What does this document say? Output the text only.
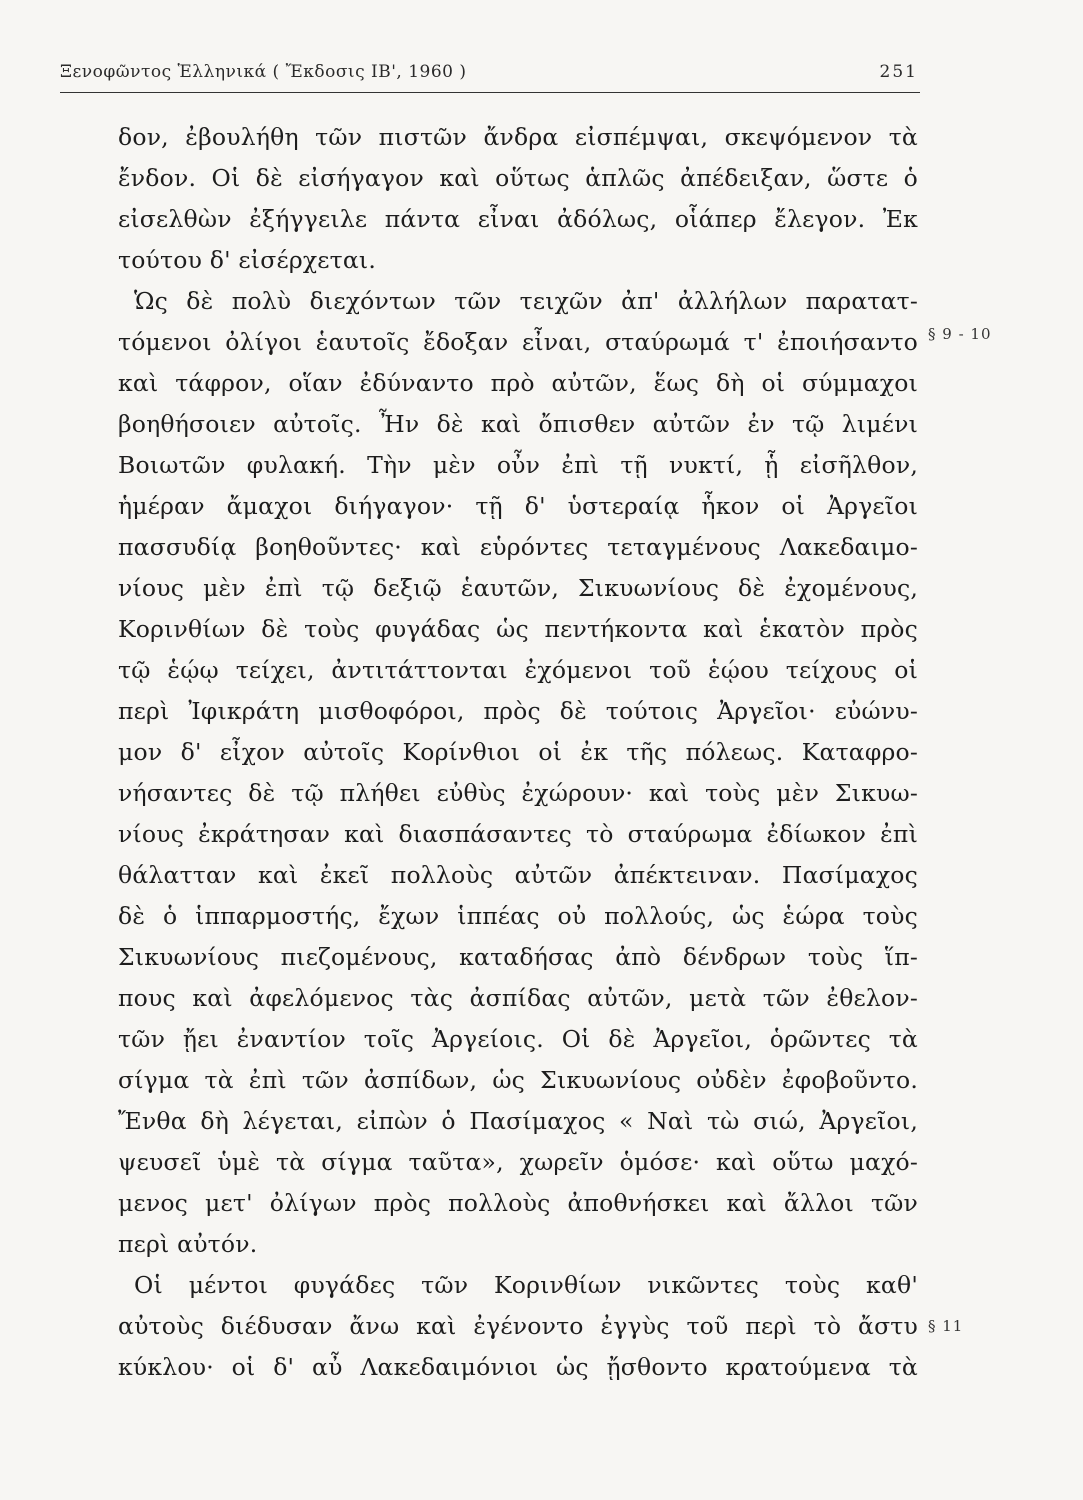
Ξενοφῶντος Ἑλληνικά ( Ἔκδοσις ΙΒ', 1960 )	251
§ 9 - 10
§ 11
δον, ἐβουλήθη τῶν πιστῶν ἄνδρα εἰσπέμψαι, σκεψόμενον τὰ
ἔνδον. Οἱ δὲ εἰσήγαγον καὶ οὕτως ἁπλῶς ἀπέδειξαν, ὥστε ὁ
εἰσελθὼν ἐξήγγειλε πάντα εἶναι ἀδόλως, οἷάπερ ἔλεγον. Ἐκ
τούτου δ' εἰσέρχεται.
Ὡς δὲ πολὺ διεχόντων τῶν τειχῶν ἀπ' ἀλλήλων παρατατ-
τόμενοι ὀλίγοι ἑαυτοῖς ἔδοξαν εἶναι, σταύρωμά τ' ἐποιήσαντο
καὶ τάφρον, οἵαν ἐδύναντο πρὸ αὐτῶν, ἕως δὴ οἱ σύμμαχοι
βοηθήσοιεν αὐτοῖς. Ἦν δὲ καὶ ὄπισθεν αὐτῶν ἐν τῷ λιμένι
Βοιωτῶν φυλακή. Τὴν μὲν οὖν ἐπὶ τῇ νυκτί, ᾗ εἰσῆλθον,
ἡμέραν ἄμαχοι διήγαγον· τῇ δ' ὑστεραίᾳ ἧκον οἱ Ἀργεῖοι
πασσυδίᾳ βοηθοῦντες· καὶ εὑρόντες τεταγμένους Λακεδαιμο-
νίους μὲν ἐπὶ τῷ δεξιῷ ἑαυτῶν, Σικυωνίους δὲ ἐχομένους,
Κορινθίων δὲ τοὺς φυγάδας ὡς πεντήκοντα καὶ ἑκατὸν πρὸς
τῷ ἑῴῳ τείχει, ἀντιτάττονται ἐχόμενοι τοῦ ἑῴου τείχους οἱ
περὶ Ἰφικράτη μισθοφόροι, πρὸς δὲ τούτοις Ἀργεῖοι· εὐώνυ-
μον δ' εἶχον αὐτοῖς Κορίνθιοι οἱ ἐκ τῆς πόλεως. Καταφρο-
νήσαντες δὲ τῷ πλήθει εὐθὺς ἐχώρουν· καὶ τοὺς μὲν Σικυω-
νίους ἐκράτησαν καὶ διασπάσαντες τὸ σταύρωμα ἐδίωκον ἐπὶ
θάλατταν καὶ ἐκεῖ πολλοὺς αὐτῶν ἀπέκτειναν. Πασίμαχος
δὲ ὁ ἱππαρμοστής, ἔχων ἱππέας οὐ πολλούς, ὡς ἑώρα τοὺς
Σικυωνίους πιεζομένους, καταδήσας ἀπὸ δένδρων τοὺς ἵπ-
πους καὶ ἀφελόμενος τὰς ἀσπίδας αὐτῶν, μετὰ τῶν ἐθελον-
τῶν ᾔει ἐναντίον τοῖς Ἀργείοις. Οἱ δὲ Ἀργεῖοι, ὁρῶντες τὰ
σίγμα τὰ ἐπὶ τῶν ἀσπίδων, ὡς Σικυωνίους οὐδὲν ἐφοβοῦντο.
Ἔνθα δὴ λέγεται, εἰπὼν ὁ Πασίμαχος « Ναὶ τὼ σιώ, Ἀργεῖοι,
ψευσεῖ ὑμὲ τὰ σίγμα ταῦτα», χωρεῖν ὁμόσε· καὶ οὕτω μαχό-
μενος μετ' ὀλίγων πρὸς πολλοὺς ἀποθνήσκει καὶ ἄλλοι τῶν
περὶ αὐτόν.
Οἱ μέντοι φυγάδες τῶν Κορινθίων νικῶντες τοὺς καθ'
αὐτοὺς διέδυσαν ἄνω καὶ ἐγένοντο ἐγγὺς τοῦ περὶ τὸ ἄστυ
κύκλου· οἱ δ' αὖ Λακεδαιμόνιοι ὡς ᾔσθοντο κρατούμενα τὰ
